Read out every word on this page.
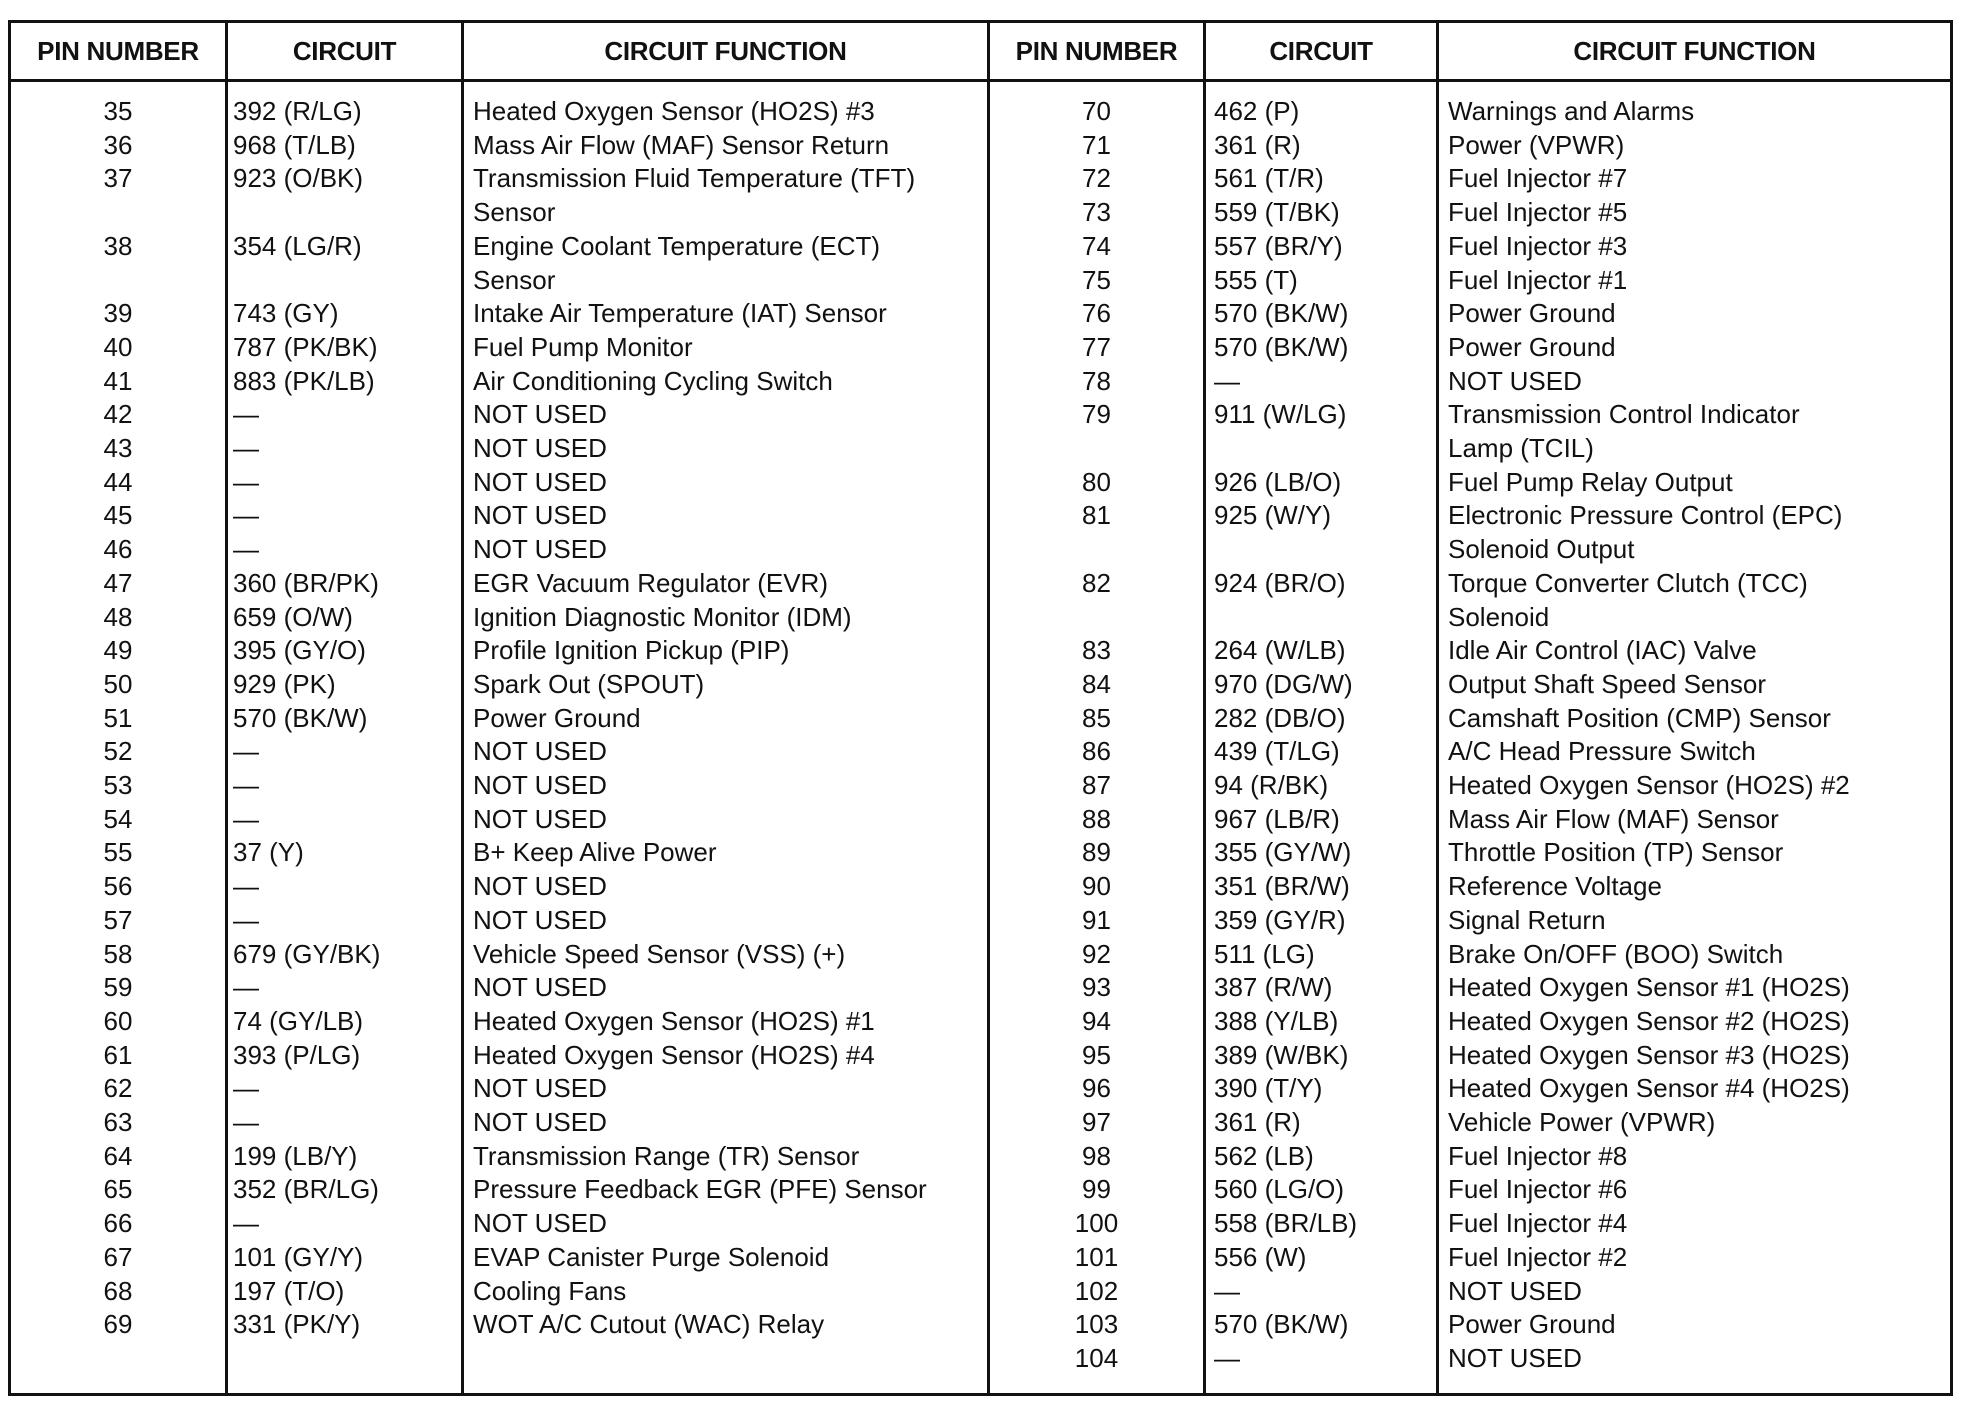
PIN NUMBER	CIRCUIT	CIRCUIT FUNCTION	PIN NUMBER	CIRCUIT	CIRCUIT FUNCTION
35	392 (R/LG)	Heated Oxygen Sensor (HO2S) #3
36	968 (T/LB)	Mass Air Flow (MAF) Sensor Return
37	923 (O/BK)	Transmission Fluid Temperature (TFT)
Sensor
38	354 (LG/R)	Engine Coolant Temperature (ECT)
Sensor
39	743 (GY)	Intake Air Temperature (IAT) Sensor
40	787 (PK/BK)	Fuel Pump Monitor
41	883 (PK/LB)	Air Conditioning Cycling Switch
42	—	NOT USED
43	—	NOT USED
44	—	NOT USED
45	—	NOT USED
46	—	NOT USED
47	360 (BR/PK)	EGR Vacuum Regulator (EVR)
48	659 (O/W)	Ignition Diagnostic Monitor (IDM)
49	395 (GY/O)	Profile Ignition Pickup (PIP)
50	929 (PK)	Spark Out (SPOUT)
51	570 (BK/W)	Power Ground
52	—	NOT USED
53	—	NOT USED
54	—	NOT USED
55	37 (Y)	B+ Keep Alive Power
56	—	NOT USED
57	—	NOT USED
58	679 (GY/BK)	Vehicle Speed Sensor (VSS) (+)
59	—	NOT USED
60	74 (GY/LB)	Heated Oxygen Sensor (HO2S) #1
61	393 (P/LG)	Heated Oxygen Sensor (HO2S) #4
62	—	NOT USED
63	—	NOT USED
64	199 (LB/Y)	Transmission Range (TR) Sensor
65	352 (BR/LG)	Pressure Feedback EGR (PFE) Sensor
66	—	NOT USED
67	101 (GY/Y)	EVAP Canister Purge Solenoid
68	197 (T/O)	Cooling Fans
69	331 (PK/Y)	WOT A/C Cutout (WAC) Relay
70	462 (P)	Warnings and Alarms
71	361 (R)	Power (VPWR)
72	561 (T/R)	Fuel Injector #7
73	559 (T/BK)	Fuel Injector #5
74	557 (BR/Y)	Fuel Injector #3
75	555 (T)	Fuel Injector #1
76	570 (BK/W)	Power Ground
77	570 (BK/W)	Power Ground
78	—	NOT USED
79	911 (W/LG)	Transmission Control Indicator
Lamp (TCIL)
80	926 (LB/O)	Fuel Pump Relay Output
81	925 (W/Y)	Electronic Pressure Control (EPC)
Solenoid Output
82	924 (BR/O)	Torque Converter Clutch (TCC)
Solenoid
83	264 (W/LB)	Idle Air Control (IAC) Valve
84	970 (DG/W)	Output Shaft Speed Sensor
85	282 (DB/O)	Camshaft Position (CMP) Sensor
86	439 (T/LG)	A/C Head Pressure Switch
87	94 (R/BK)	Heated Oxygen Sensor (HO2S) #2
88	967 (LB/R)	Mass Air Flow (MAF) Sensor
89	355 (GY/W)	Throttle Position (TP) Sensor
90	351 (BR/W)	Reference Voltage
91	359 (GY/R)	Signal Return
92	511 (LG)	Brake On/OFF (BOO) Switch
93	387 (R/W)	Heated Oxygen Sensor #1 (HO2S)
94	388 (Y/LB)	Heated Oxygen Sensor #2 (HO2S)
95	389 (W/BK)	Heated Oxygen Sensor #3 (HO2S)
96	390 (T/Y)	Heated Oxygen Sensor #4 (HO2S)
97	361 (R)	Vehicle Power (VPWR)
98	562 (LB)	Fuel Injector #8
99	560 (LG/O)	Fuel Injector #6
100	558 (BR/LB)	Fuel Injector #4
101	556 (W)	Fuel Injector #2
102	—	NOT USED
103	570 (BK/W)	Power Ground
104	—	NOT USED
